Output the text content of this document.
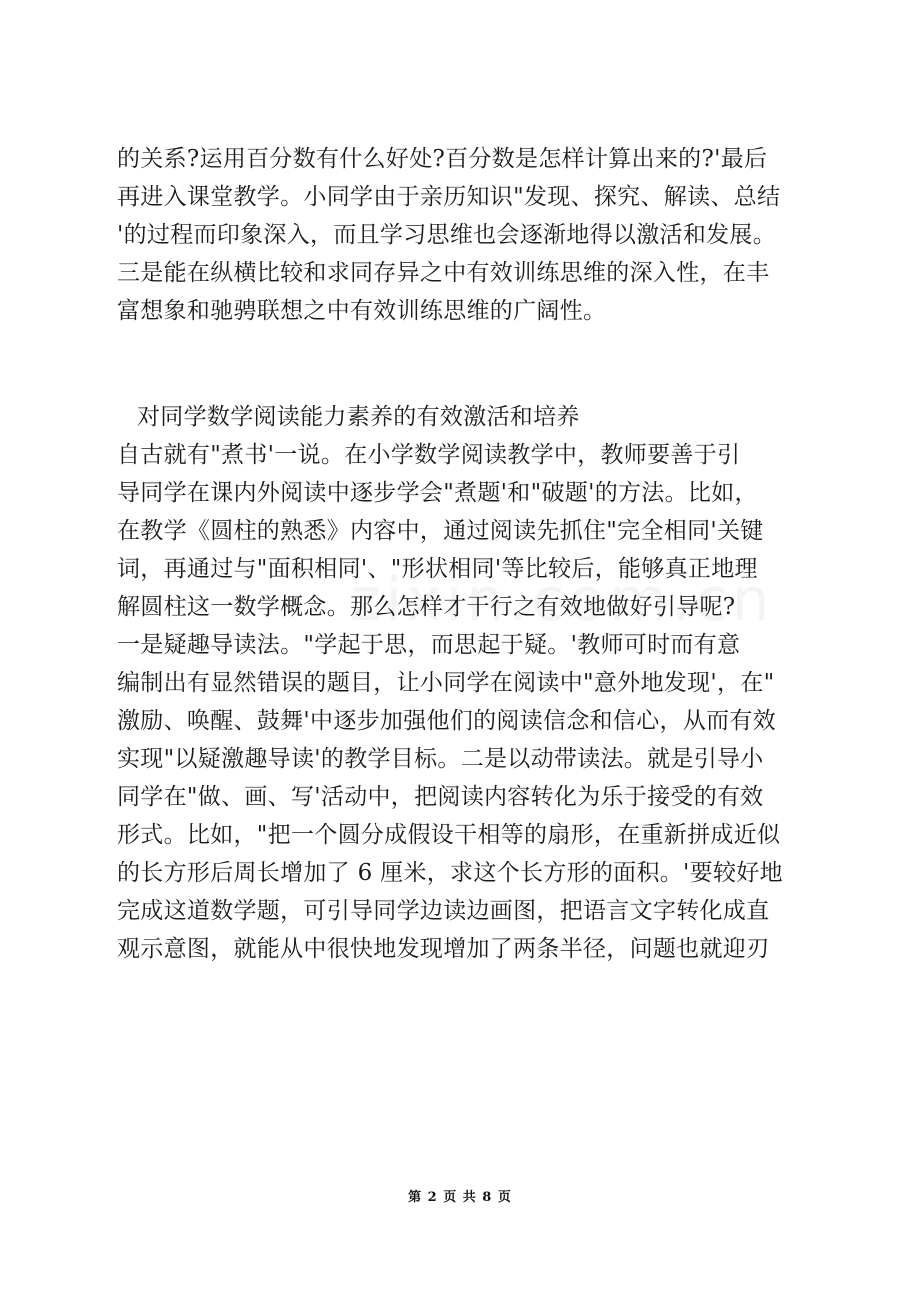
的关系?运用百分数有什么好处?百分数是怎样计算出来的?'最后
再进入课堂教学。小同学由于亲历知识"发现、探究、解读、总结
'的过程而印象深入，而且学习思维也会逐渐地得以激活和发展。
三是能在纵横比较和求同存异之中有效训练思维的深入性，在丰
富想象和驰骋联想之中有效训练思维的广阔性。
对同学数学阅读能力素养的有效激活和培养
自古就有"煮书'一说。在小学数学阅读教学中，教师要善于引
导同学在课内外阅读中逐步学会"煮题'和"破题'的方法。比如，
在教学《圆柱的熟悉》内容中，通过阅读先抓住"完全相同'关键
词，再通过与"面积相同'、"形状相同'等比较后，能够真正地理
解圆柱这一数学概念。那么怎样才干行之有效地做好引导呢?
一是疑趣导读法。"学起于思，而思起于疑。'教师可时而有意
编制出有显然错误的题目，让小同学在阅读中"意外地发现'，在"
激励、唤醒、鼓舞'中逐步加强他们的阅读信念和信心，从而有效
实现"以疑激趣导读'的教学目标。二是以动带读法。就是引导小
同学在"做、画、写'活动中，把阅读内容转化为乐于接受的有效
形式。比如，"把一个圆分成假设干相等的扇形，在重新拼成近似
的长方形后周长增加了 6 厘米，求这个长方形的面积。'要较好地
完成这道数学题，可引导同学边读边画图，把语言文字转化成直
观示意图，就能从中很快地发现增加了两条半径，问题也就迎刃
第 2 页 共 8 页
